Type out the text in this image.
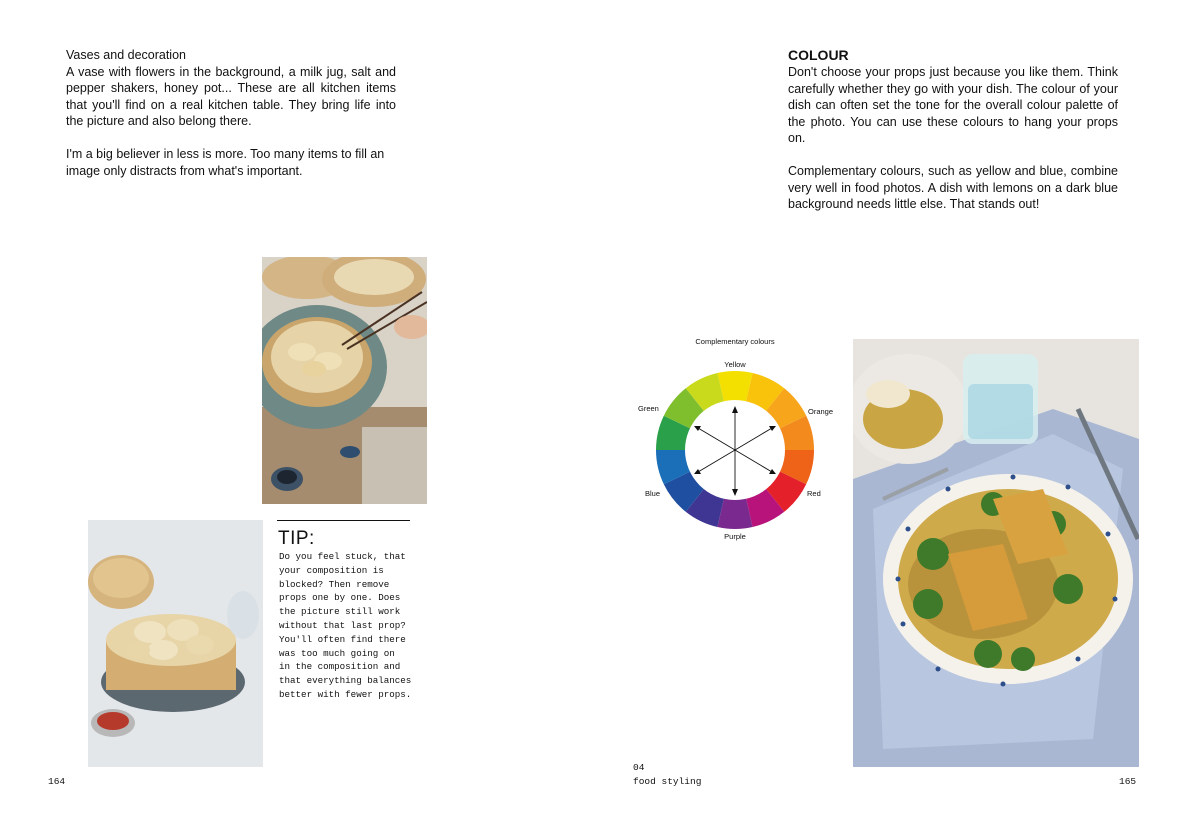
Vases and decoration

A vase with flowers in the background, a milk jug, salt and pepper shakers, honey pot... These are all kitchen items that you'll find on a real kitchen table. They bring life into the picture and also belong there.

I'm a big believer in less is more. Too many items to fill an image only distracts from what's important.

COLOUR

Don't choose your props just because you like them. Think carefully whether they go with your dish. The colour of your dish can often set the tone for the overall colour palette of the photo. You can use these colours to hang your props on.

Complementary colours, such as yellow and blue, combine very well in food photos. A dish with lemons on a dark blue background needs little else. That stands out!

TIP:
Do you feel stuck, that
your composition is
blocked? Then remove
props one by one. Does
the picture still work
without that last prop?
You'll often find there
was too much going on
in the composition and
that everything balances
better with fewer props.
Complementary colours
Yellow
Orange
Red
Purple
Blue
Green
164
04
food styling	165
